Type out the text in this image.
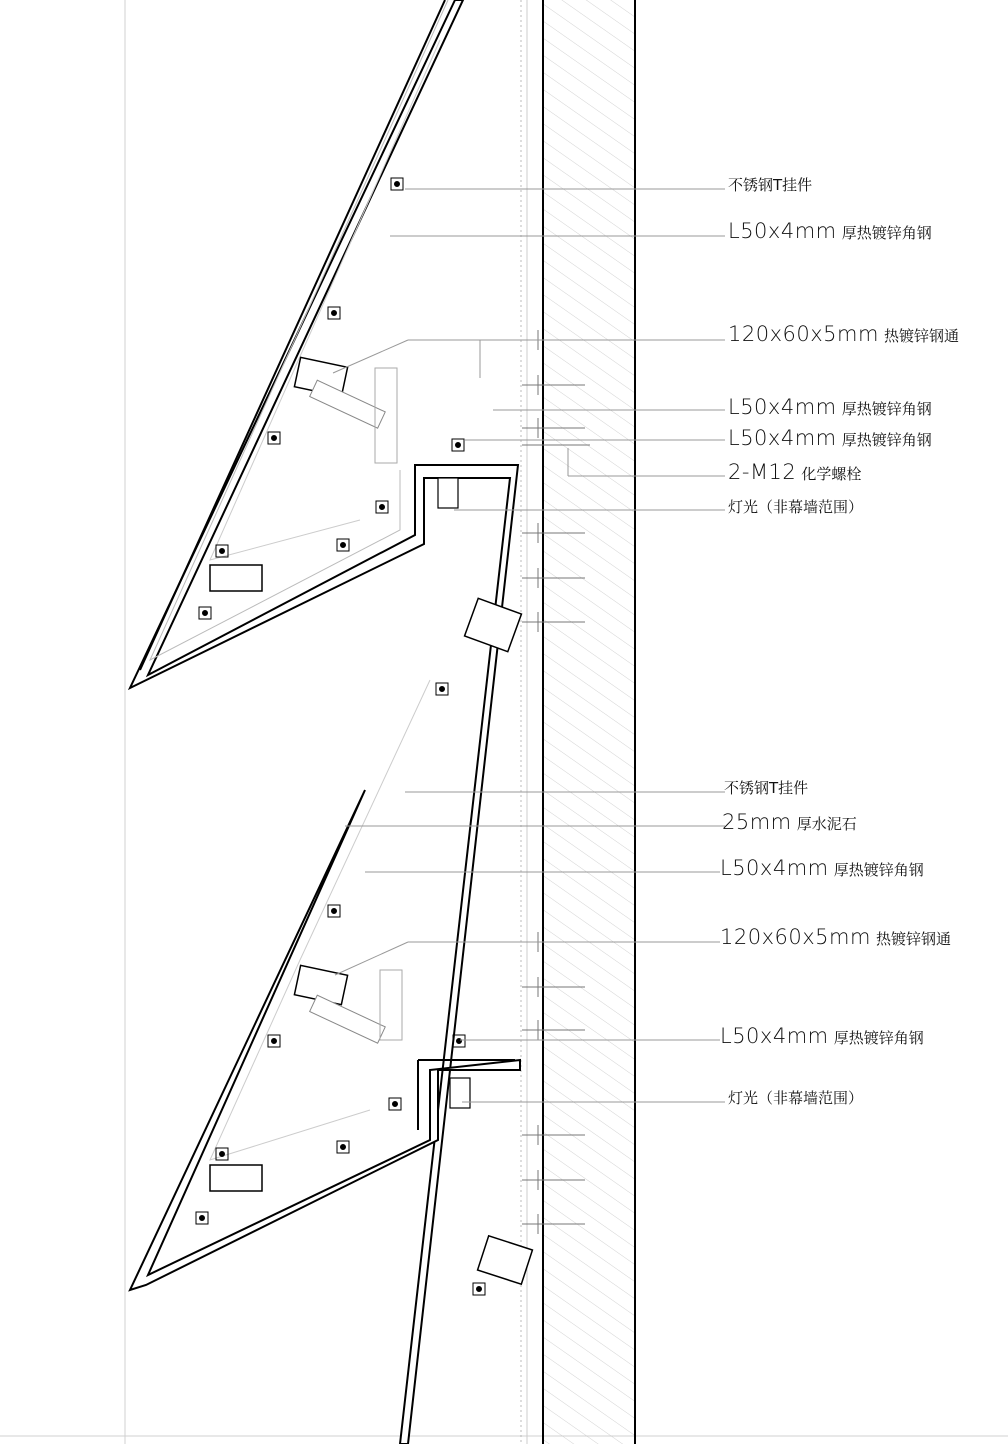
不锈钢T挂件
L50x4mm 厚热镀锌角钢
120x60x5mm 热镀锌钢通
L50x4mm 厚热镀锌角钢
L50x4mm 厚热镀锌角钢
2-M12 化学螺栓
灯光（非幕墙范围）
不锈钢T挂件
25mm 厚水泥石
L50x4mm 厚热镀锌角钢
120x60x5mm 热镀锌钢通
L50x4mm 厚热镀锌角钢
灯光（非幕墙范围）
